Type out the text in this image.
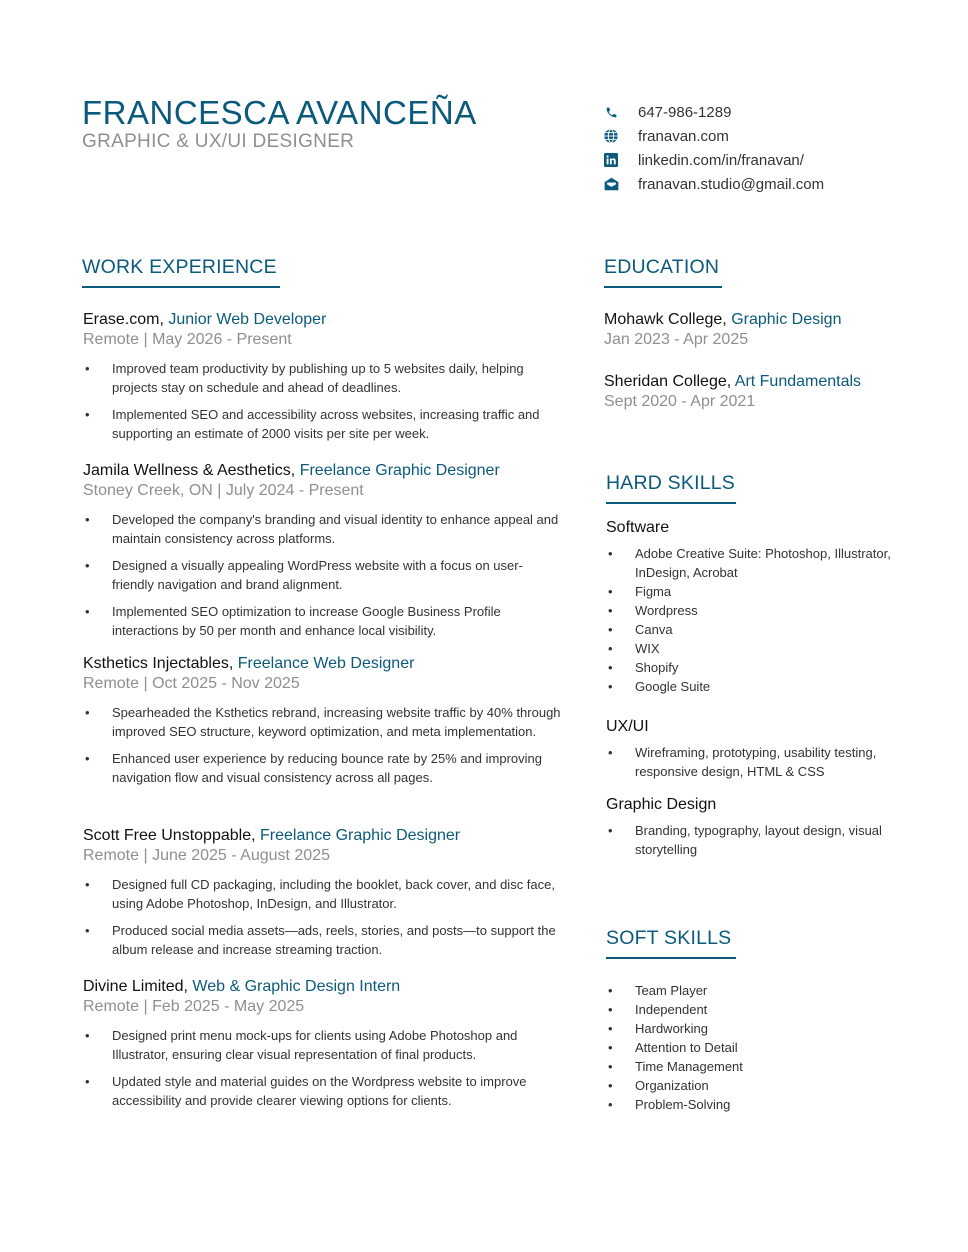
FRANCESCA AVANCEÑA
GRAPHIC & UX/UI DESIGNER
647-986-1289
franavan.com
linkedin.com/in/franavan/
franavan.studio@gmail.com
WORK EXPERIENCE
Erase.com, Junior Web Developer
Remote | May 2026 - Present
• Improved team productivity by publishing up to 5 websites daily, helping projects stay on schedule and ahead of deadlines.
• Implemented SEO and accessibility across websites, increasing traffic and supporting an estimate of 2000 visits per site per week.
Jamila Wellness & Aesthetics, Freelance Graphic Designer
Stoney Creek, ON | July 2024 - Present
• Developed the company's branding and visual identity to enhance appeal and maintain consistency across platforms.
• Designed a visually appealing WordPress website with a focus on user-friendly navigation and brand alignment.
• Implemented SEO optimization to increase Google Business Profile interactions by 50 per month and enhance local visibility.
Ksthetics Injectables, Freelance Web Designer
Remote | Oct 2025 - Nov 2025
• Spearheaded the Ksthetics rebrand, increasing website traffic by 40% through improved SEO structure, keyword optimization, and meta implementation.
• Enhanced user experience by reducing bounce rate by 25% and improving navigation flow and visual consistency across all pages.
Scott Free Unstoppable, Freelance Graphic Designer
Remote | June 2025 - August 2025
• Designed full CD packaging, including the booklet, back cover, and disc face, using Adobe Photoshop, InDesign, and Illustrator.
• Produced social media assets—ads, reels, stories, and posts—to support the album release and increase streaming traction.
Divine Limited, Web & Graphic Design Intern
Remote | Feb 2025 - May 2025
• Designed print menu mock-ups for clients using Adobe Photoshop and Illustrator, ensuring clear visual representation of final products.
• Updated style and material guides on the Wordpress website to improve accessibility and provide clearer viewing options for clients.
EDUCATION
Mohawk College, Graphic Design
Jan 2023 - Apr 2025
Sheridan College, Art Fundamentals
Sept 2020 - Apr 2021
HARD SKILLS
Software
• Adobe Creative Suite: Photoshop, Illustrator, InDesign, Acrobat
• Figma
• Wordpress
• Canva
• WIX
• Shopify
• Google Suite
UX/UI
• Wireframing, prototyping, usability testing, responsive design, HTML & CSS
Graphic Design
• Branding, typography, layout design, visual storytelling
SOFT SKILLS
• Team Player
• Independent
• Hardworking
• Attention to Detail
• Time Management
• Organization
• Problem-Solving
